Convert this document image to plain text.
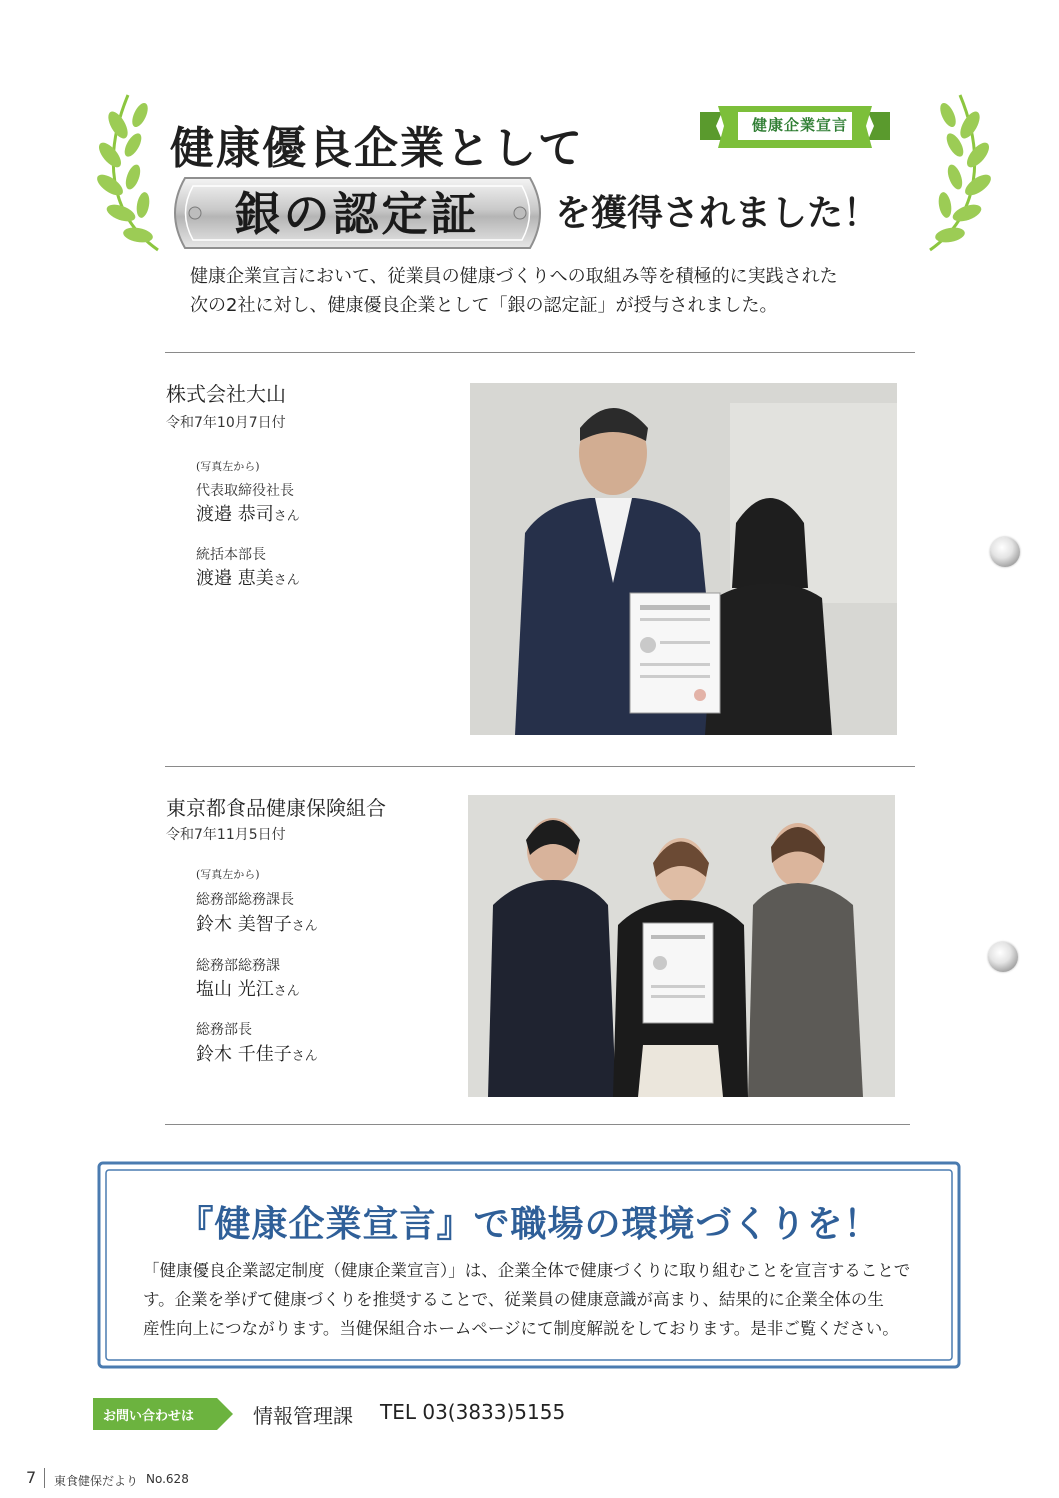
健康優良企業として	健康企業宣言
銀の認定証	を獲得されました！

健康企業宣言において、従業員の健康づくりへの取組み等を積極的に実践された

次の2社に対し、健康優良企業として「銀の認定証」が授与されました。

株式会社大山
令和7年10月7日付
(写真左から)
代表取締役社長
渡邉 恭司さん
統括本部長
渡邉 恵美さん
東京都食品健康保険組合
令和7年11月5日付
(写真左から)
総務部総務課長
鈴木 美智子さん
総務部総務課
塩山 光江さん
総務部長
鈴木 千佳子さん
『健康企業宣言』で職場の環境づくりを！

「健康優良企業認定制度（健康企業宣言）」は、企業全体で健康づくりに取り組むことを宣言することで

す。企業を挙げて健康づくりを推奨することで、従業員の健康意識が高まり、結果的に企業全体の生

産性向上につながります。当健保組合ホームページにて制度解説をしております。是非ご覧ください。

お問い合わせは	情報管理課 TEL 03(3833)5155
7 東食健保だより No.628
